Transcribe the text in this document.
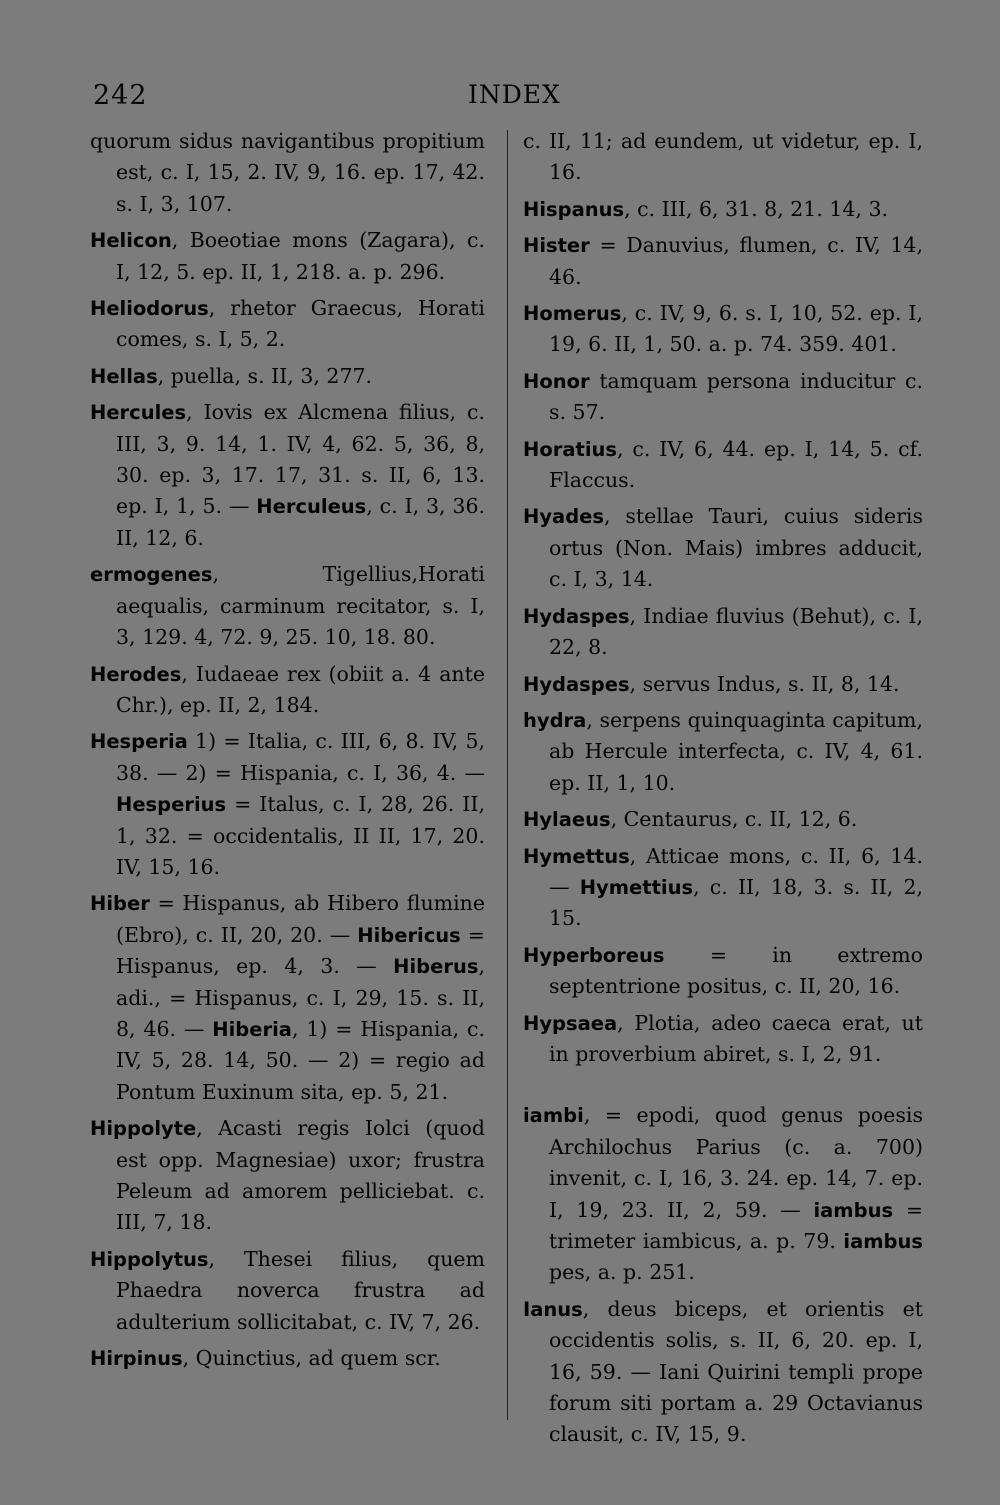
242	INDEX

quorum sidus navigantibus propitium est, c. I, 15, 2. IV, 9, 16. ep. 17, 42. s. I, 3, 107.

Helicon, Boeotiae mons (Zagara), c. I, 12, 5. ep. II, 1, 218. a. p. 296.

Heliodorus, rhetor Graecus, Horati comes, s. I, 5, 2.

Hellas, puella, s. II, 3, 277.

Hercules, Iovis ex Alcmena filius, c. III, 3, 9. 14, 1. IV, 4, 62. 5, 36, 8, 30. ep. 3, 17. 17, 31. s. II, 6, 13. ep. I, 1, 5. — Herculeus, c. I, 3, 36. II, 12, 6.

ermogenes, Tigellius,Horati aequalis, carminum recitator, s. I, 3, 129. 4, 72. 9, 25. 10, 18. 80.

Herodes, Iudaeae rex (obiit a. 4 ante Chr.), ep. II, 2, 184.

Hesperia 1) = Italia, c. III, 6, 8. IV, 5, 38. — 2) = Hispania, c. I, 36, 4. — Hesperius = Italus, c. I, 28, 26. II, 1, 32. = occidentalis, II II, 17, 20. IV, 15, 16.

Hiber = Hispanus, ab Hibero flumine (Ebro), c. II, 20, 20. — Hibericus = Hispanus, ep. 4, 3. — Hiberus, adi., = Hispanus, c. I, 29, 15. s. II, 8, 46. — Hiberia, 1) = Hispania, c. IV, 5, 28. 14, 50. — 2) = regio ad Pontum Euxinum sita, ep. 5, 21.

Hippolyte, Acasti regis Iolci (quod est opp. Magnesiae) uxor; frustra Peleum ad amorem pelliciebat. c. III, 7, 18.

Hippolytus, Thesei filius, quem Phaedra noverca frustra ad adulterium sollicitabat, c. IV, 7, 26.

Hirpinus, Quinctius, ad quem scr.

c. II, 11; ad eundem, ut videtur, ep. I, 16.

Hispanus, c. III, 6, 31. 8, 21. 14, 3.

Hister = Danuvius, flumen, c. IV, 14, 46.

Homerus, c. IV, 9, 6. s. I, 10, 52. ep. I, 19, 6. II, 1, 50. a. p. 74. 359. 401.

Honor tamquam persona inducitur c. s. 57.

Horatius, c. IV, 6, 44. ep. I, 14, 5. cf. Flaccus.

Hyades, stellae Tauri, cuius sideris ortus (Non. Mais) imbres adducit, c. I, 3, 14.

Hydaspes, Indiae fluvius (Behut), c. I, 22, 8.

Hydaspes, servus Indus, s. II, 8, 14.

hydra, serpens quinquaginta capitum, ab Hercule interfecta, c. IV, 4, 61. ep. II, 1, 10.

Hylaeus, Centaurus, c. II, 12, 6.

Hymettus, Atticae mons, c. II, 6, 14. — Hymettius, c. II, 18, 3. s. II, 2, 15.

Hyperboreus = in extremo septentrione positus, c. II, 20, 16.

Hypsaea, Plotia, adeo caeca erat, ut in proverbium abiret, s. I, 2, 91.

iambi, = epodi, quod genus poesis Archilochus Parius (c. a. 700) invenit, c. I, 16, 3. 24. ep. 14, 7. ep. I, 19, 23. II, 2, 59. — iambus = trimeter iambicus, a. p. 79. iambus pes, a. p. 251.

Ianus, deus biceps, et orientis et occidentis solis, s. II, 6, 20. ep. I, 16, 59. — Iani Quirini templi prope forum siti portam a. 29 Octavianus clausit, c. IV, 15, 9.
